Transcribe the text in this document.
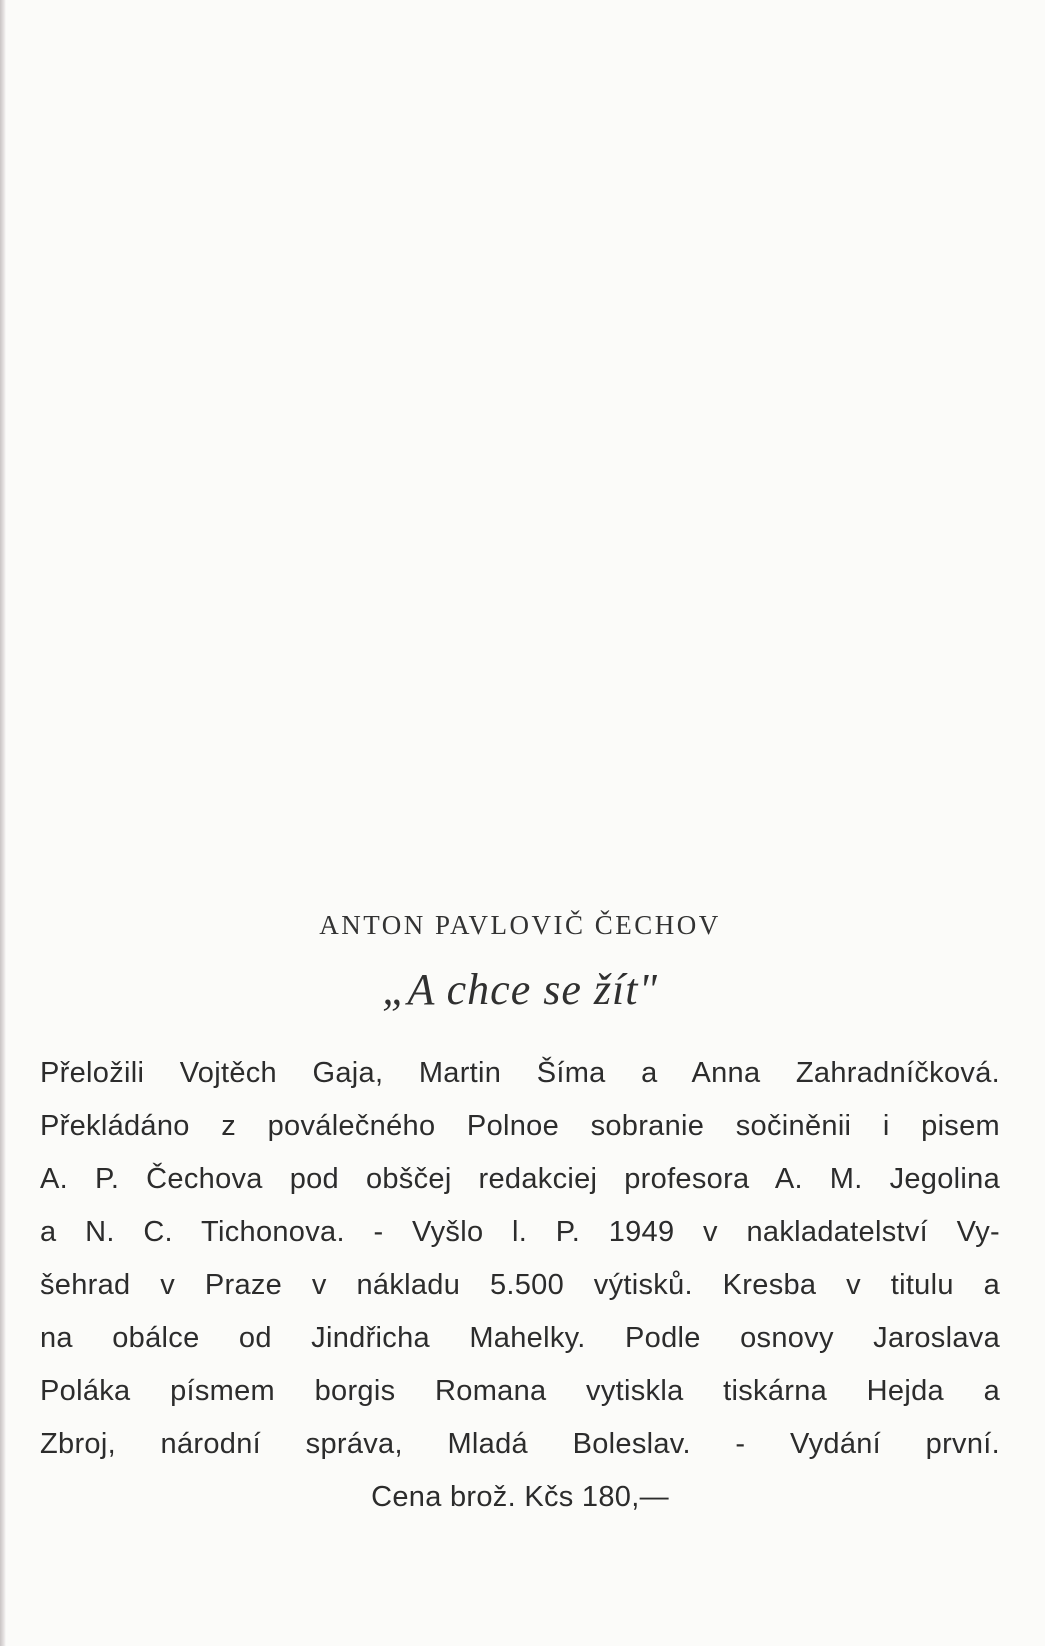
ANTON PAVLOVIČ ČECHOV

„A chce se žít"

Přeložili Vojtěch Gaja, Martin Šíma a Anna Zahradníčková.
Překládáno z poválečného Polnoe sobranie sočiněnii i pisem
A. P. Čechova pod obščej redakciej profesora A. M. Jegolina
a N. C. Tichonova. - Vyšlo l. P. 1949 v nakladatelství Vy-
šehrad v Praze v nákladu 5.500 výtisků. Kresba v titulu a
na obálce od Jindřicha Mahelky. Podle osnovy Jaroslava
Poláka písmem borgis Romana vytiskla tiskárna Hejda a
Zbroj, národní správa, Mladá Boleslav. - Vydání první.
Cena brož. Kčs 180,—
